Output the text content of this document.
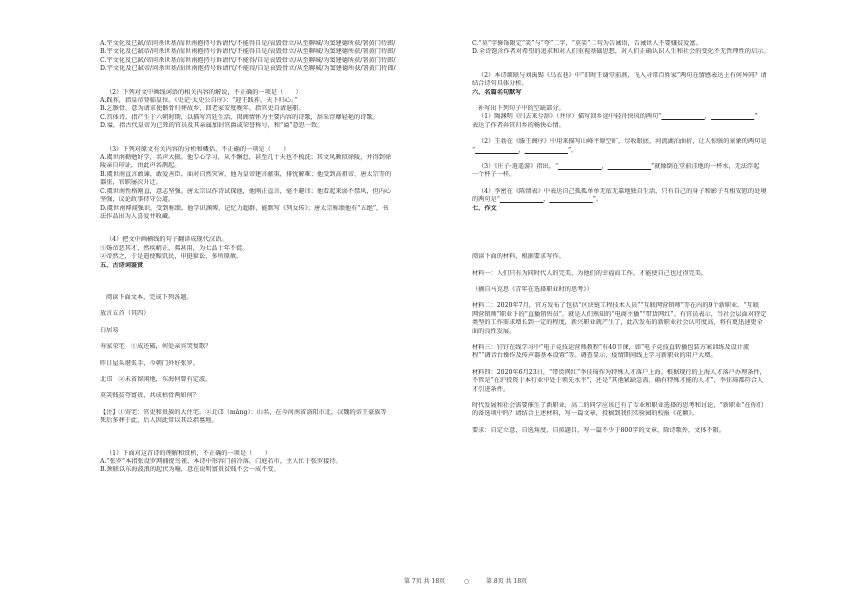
A.宇文化及已弑/帝问杀世基/而世南抱持号诉请代/不能得自是/哀毁骨立/从至聊城/为窦建德所获/署黄门侍郎/

B.宇文化及已弑帝/问杀世基/而世南抱持号诉请代/不能得自是/哀毁骨立/从至聊城/为窦建德所获/署黄门侍郎/

C.宇文化及已弑/帝问杀世基/而世南抱持号诉请代/不能得/自是哀毁骨立/从至聊城/为窦建德所获/署黄门侍郎/

D.宇文化及已弑帝/问杀世基/而世南抱持号诉请代/不能得/自是哀毁骨立/从至聊城/为窦建德所获/署黄门侍郎/

（2）下列对文中画线词语的相关内容的解说，不正确的一项是（　　）

A.践祚，指皇帝登临皇位。《史记·太史公自序》：“迎王践祚，天下归心。”

B.乞骸骨，意为请求使骸骨归葬故乡，回老家安度晚年。指官吏自请退职。

C.宫体诗，指产生于六朝时期，以描写宫廷生活、闺阁情怀为主要内容的诗歌，辞采浮靡轻艳的诗歌。

D.谥，指古代皇帝为已死的官员及其亲属加封官爵或荣誉称号，和“谥”意思一致。

（3）下列对原文有关内容的分析和概括，不正确的一项是（　　）

A.虞世南勤勉好学，名声大振。他专心学习，从不懈怠，甚至几十天也不梳洗；其文风颇似徐陵，并得到徐

陵亲自印证，由此声名鹊起。

B.虞世南直言敢谏，敢爱善臣。面对自然灾害，他为皇帝建言献策，排忧解难；他受到高祖帝、唐太宗等的

器重，官职屡次升迁。

C.虞世南性格刚直，意志坚强。唐太宗以作诗试探他，他刚正直言，毫不避讳；他看起来弱不禁风，但内心

坚强，议论政事持守公道。

D.虞世南博闻强识，受到称颂。他学识渊博，记忆力超群，能默写《列女传》；唐太宗称颂他有“五绝”，书

法作品出为人喜爱并收藏。

（4）把文中画横线的句子翻译成现代汉语。

①炀帝恶其才，然疾峭正，弗甚用，为七品十年不徙。

②帝然之，于是遣使赈饥民，申挺狱讼，多所原赦。

五、古诗词鉴赏

阅读下面文本，完成下列各题。

放言五首（其四）

白居易

寿家荣宅　①成还破，何处亲宾哭复歌？

昨日屋头堪炙手，今朝门外好张罗。

北邙　②未省留闲地，东海何曾有定波。

莫笑贱贫夸富贵，共成枯骨两如何？

【注】①寄宅：官吏和贵族的大住宅。②北邙（mǎng）：山名，在今河南省洛阳市北，汉魏的帝王豪族等

死后多葬于此，后人因此常以其泛指墓地。

（1）下面对这首诗的理解和赏析，不正确的一项是（　　）

A.“张罗”本指张设罗网捕捉鸟雀，本诗中形容门前冷落，门庭若市，主人忙于张罗接待。

B.颈联以东海波浪的起伏为喻，意在说明富贵贫贱不会一成不变。

C.“莫”字修饰限定“笑”与“夸”二字，“莫笑”二句为告诫语，告诫世人不要嫌贫爱富。

D.全诗饱含作者对希望的追求和对人们重视基础思想，对人们正确认识人生和社会的变化不无哲理性的启示。

（2）本诗颔联与刘禹锡《乌衣巷》中“旧时王谢堂前燕，飞入寻常百姓家”两句在情感表达上有何异同？请

结合诗句具体分析。

六、名篇名句默写

补写出下列句子中的空缺部分。

（1）陶渊明《归去来兮辞》（并序）描写回乡途中轻舟快风的两句“______________，______________”

表达了作者奔官归乡的畅快心情。

（2）王勃在《滕王阁序》中用来描写山峰平原空旷，尽收眼底，河流湖泊曲折，让人惊骇的景象的两句是

“______________，______________”。

（3）《庄子·逍遥游》指出，“______________，______________”就像倒在堂前洼地的一杯水，无法浮起

一个杯子一样。

（4）李密在《陈情表》中表达自己孤孤单单无依无靠地独自生活，只有自己的身子和影子互相安慰的处境

的两句是“______________，______________”。

七、作文

阅读下面的材料，根据要求写作。

材料一：人们只有为同时代人的完美、为他们的幸福而工作，才能使自己也过得完美。

（摘自马克思《青年在选择职业时的思考》）

材料二：2020年7月，官方发布了包括“区块链工程技术人员”“互联网营销师”等在内的9个新职业。“互联

网营销师”职业下的“直播销售员”，就是人们熟知的“电商主播”“带货网红”。有官员表示，当社会层面对特定

类型的工作需求增长到一定的程度，新兴职业就产生了，此次发布的新职业社会认可度高，将有更迅速更全

面的良性发展。

材料三：钉钉在线学习中“电子竞技运营师教程”有40节课，如“电子竞技直转播包装方案训练及设计流

程”“调音台操作及传声器基本设置”等。调查显示，疫情期间线上学习新职业的用户大增。

材料四：2020年6月23日，“带货网红”李佳琦作为特殊人才落户上海。根据现行的上海人才落户办理条件，

不管是“在沪投资于本行业中处于领先水平”，还是“其他紧缺急需、确有特殊才能的人才”，李佳琦都符合人

才引进条件。

时代发展和社会需要催生了新职业，高二的同学应该已有了专业和职业选择的思考和讨论，“新职业”在你们

的备选项中吗？请结合上述材料，写一篇文章，投稿到我们实验园的校报《花颖》。

要求：自定立意，自选角度，自拟题目，写一篇不少于800字的文章，除诗歌外，文体不限。

第 7页 共 18页	○	第 8页 共 18页
